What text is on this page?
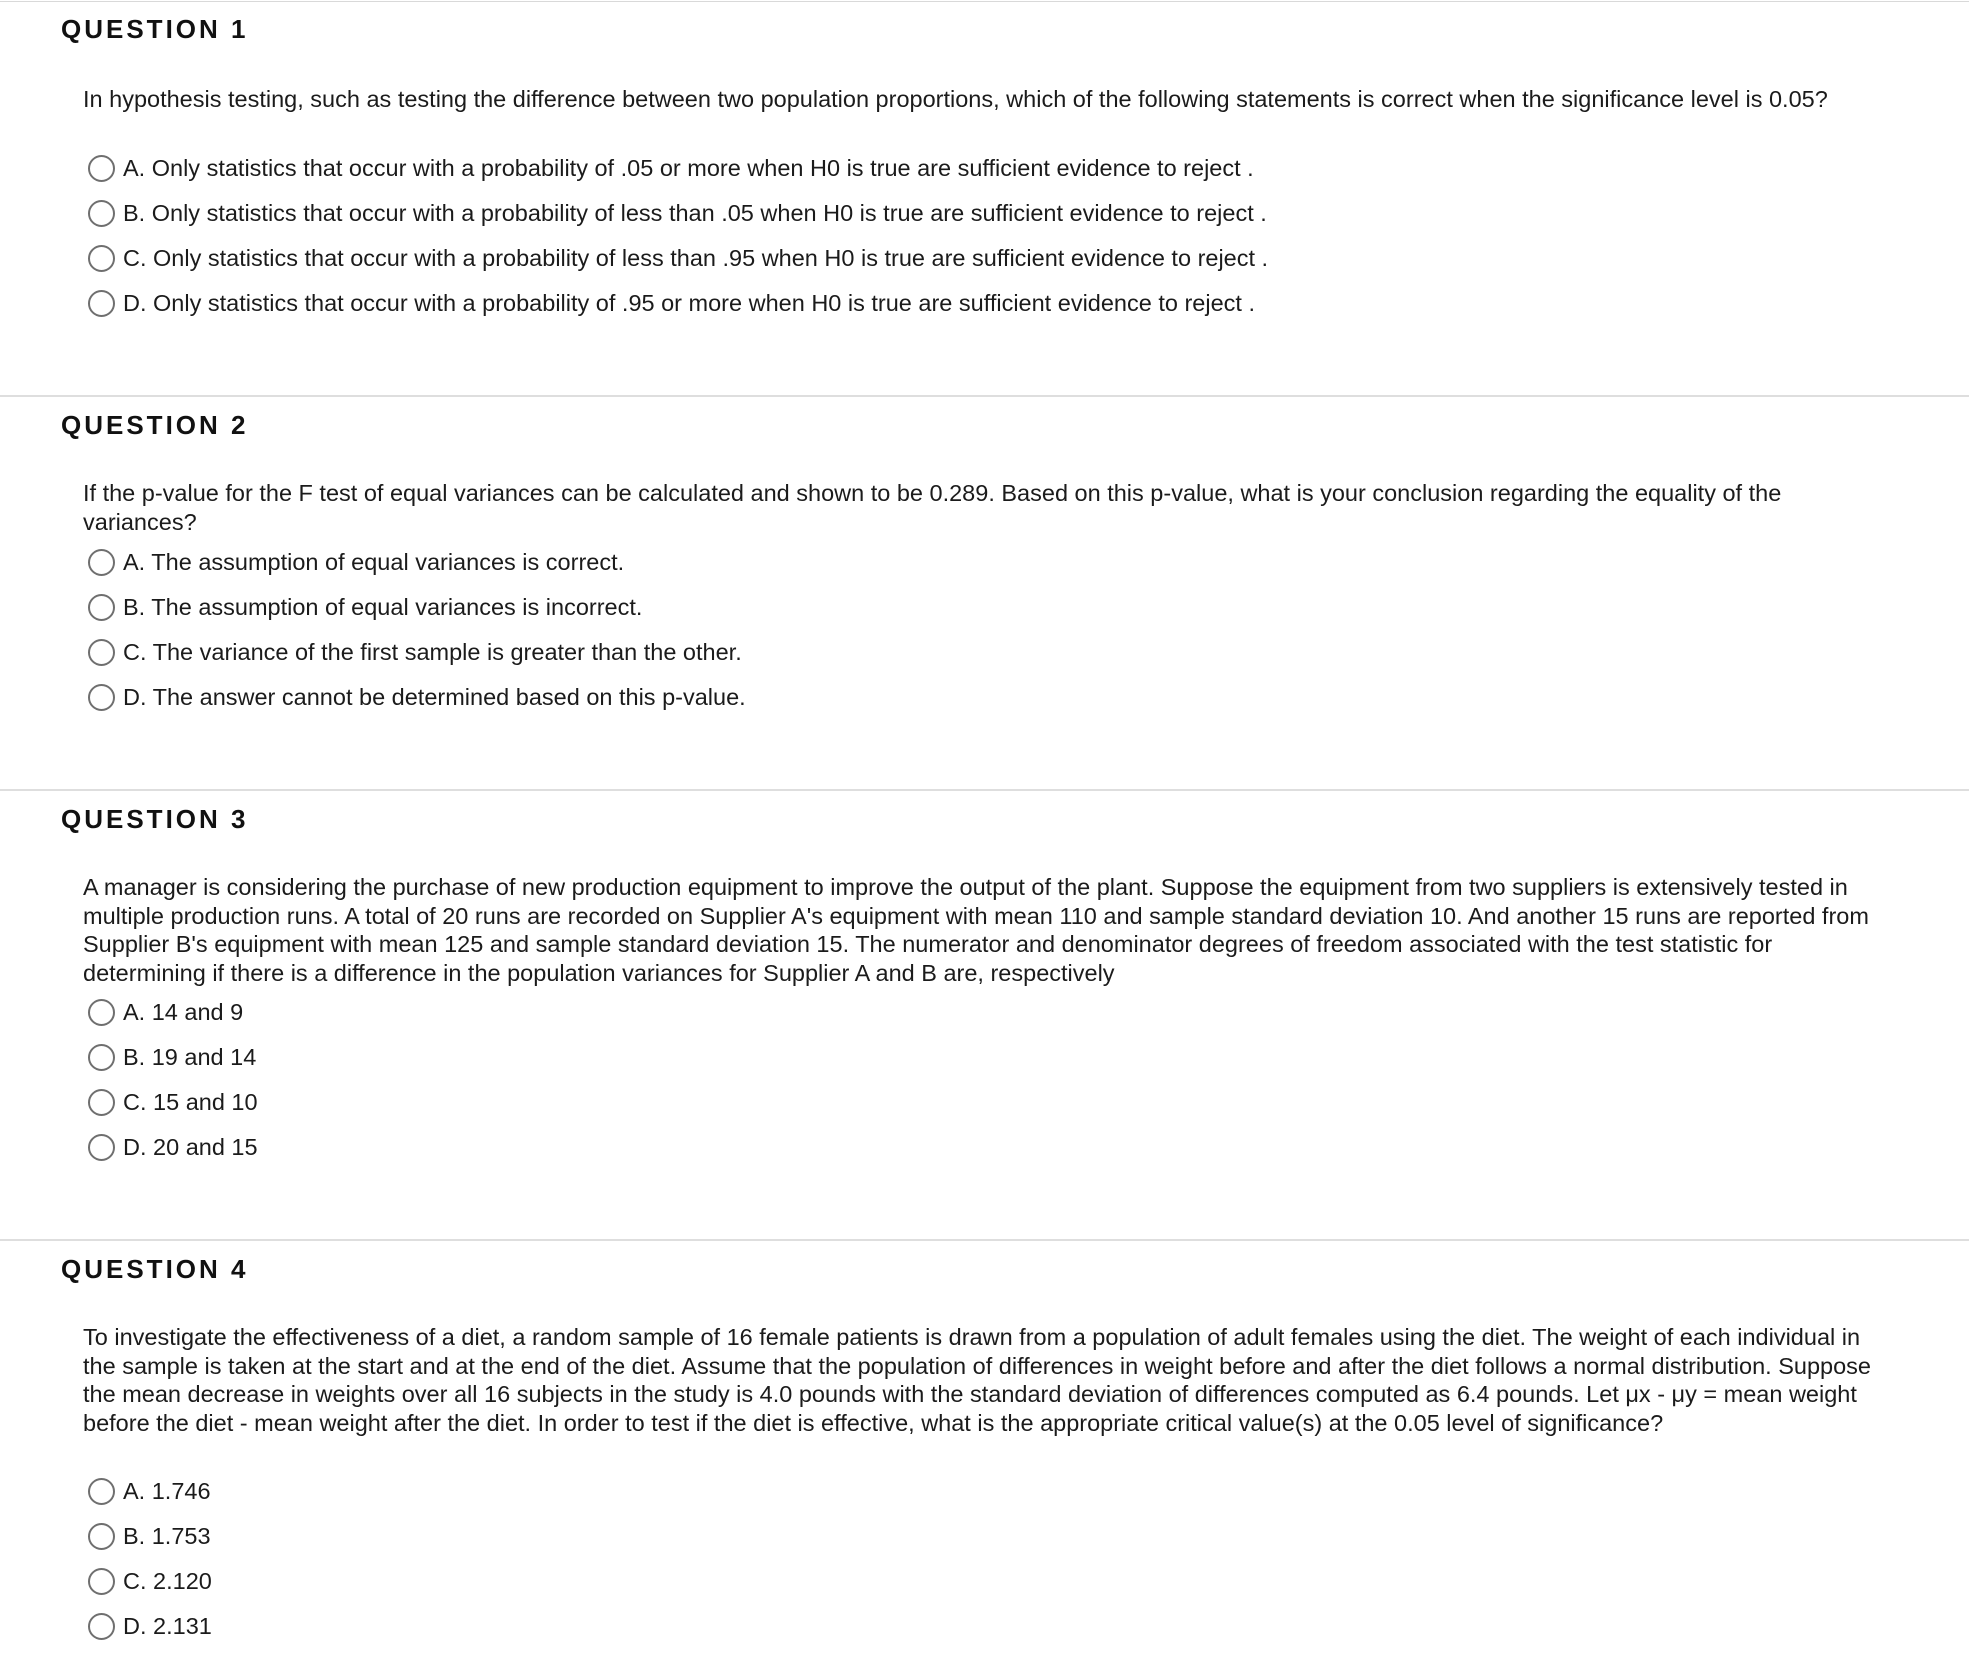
QUESTION 1
In hypothesis testing, such as testing the difference between two population proportions, which of the following statements is correct when the significance level is 0.05?
A. Only statistics that occur with a probability of .05 or more when H0 is true are sufficient evidence to reject .
B. Only statistics that occur with a probability of less than .05 when H0 is true are sufficient evidence to reject .
C. Only statistics that occur with a probability of less than .95 when H0 is true are sufficient evidence to reject .
D. Only statistics that occur with a probability of .95 or more when H0 is true are sufficient evidence to reject .
QUESTION 2
If the p-value for the F test of equal variances can be calculated and shown to be 0.289. Based on this p-value, what is your conclusion regarding the equality of the variances?
A. The assumption of equal variances is correct.
B. The assumption of equal variances is incorrect.
C. The variance of the first sample is greater than the other.
D. The answer cannot be determined based on this p-value.
QUESTION 3
A manager is considering the purchase of new production equipment to improve the output of the plant. Suppose the equipment from two suppliers is extensively tested in multiple production runs. A total of 20 runs are recorded on Supplier A's equipment with mean 110 and sample standard deviation 10. And another 15 runs are reported from Supplier B's equipment with mean 125 and sample standard deviation 15. The numerator and denominator degrees of freedom associated with the test statistic for determining if there is a difference in the population variances for Supplier A and B are, respectively
A. 14 and 9
B. 19 and 14
C. 15 and 10
D. 20 and 15
QUESTION 4
To investigate the effectiveness of a diet, a random sample of 16 female patients is drawn from a population of adult females using the diet. The weight of each individual in the sample is taken at the start and at the end of the diet. Assume that the population of differences in weight before and after the diet follows a normal distribution. Suppose the mean decrease in weights over all 16 subjects in the study is 4.0 pounds with the standard deviation of differences computed as 6.4 pounds. Let μx - μy = mean weight before the diet - mean weight after the diet. In order to test if the diet is effective, what is the appropriate critical value(s) at the 0.05 level of significance?
A. 1.746
B. 1.753
C. 2.120
D. 2.131
